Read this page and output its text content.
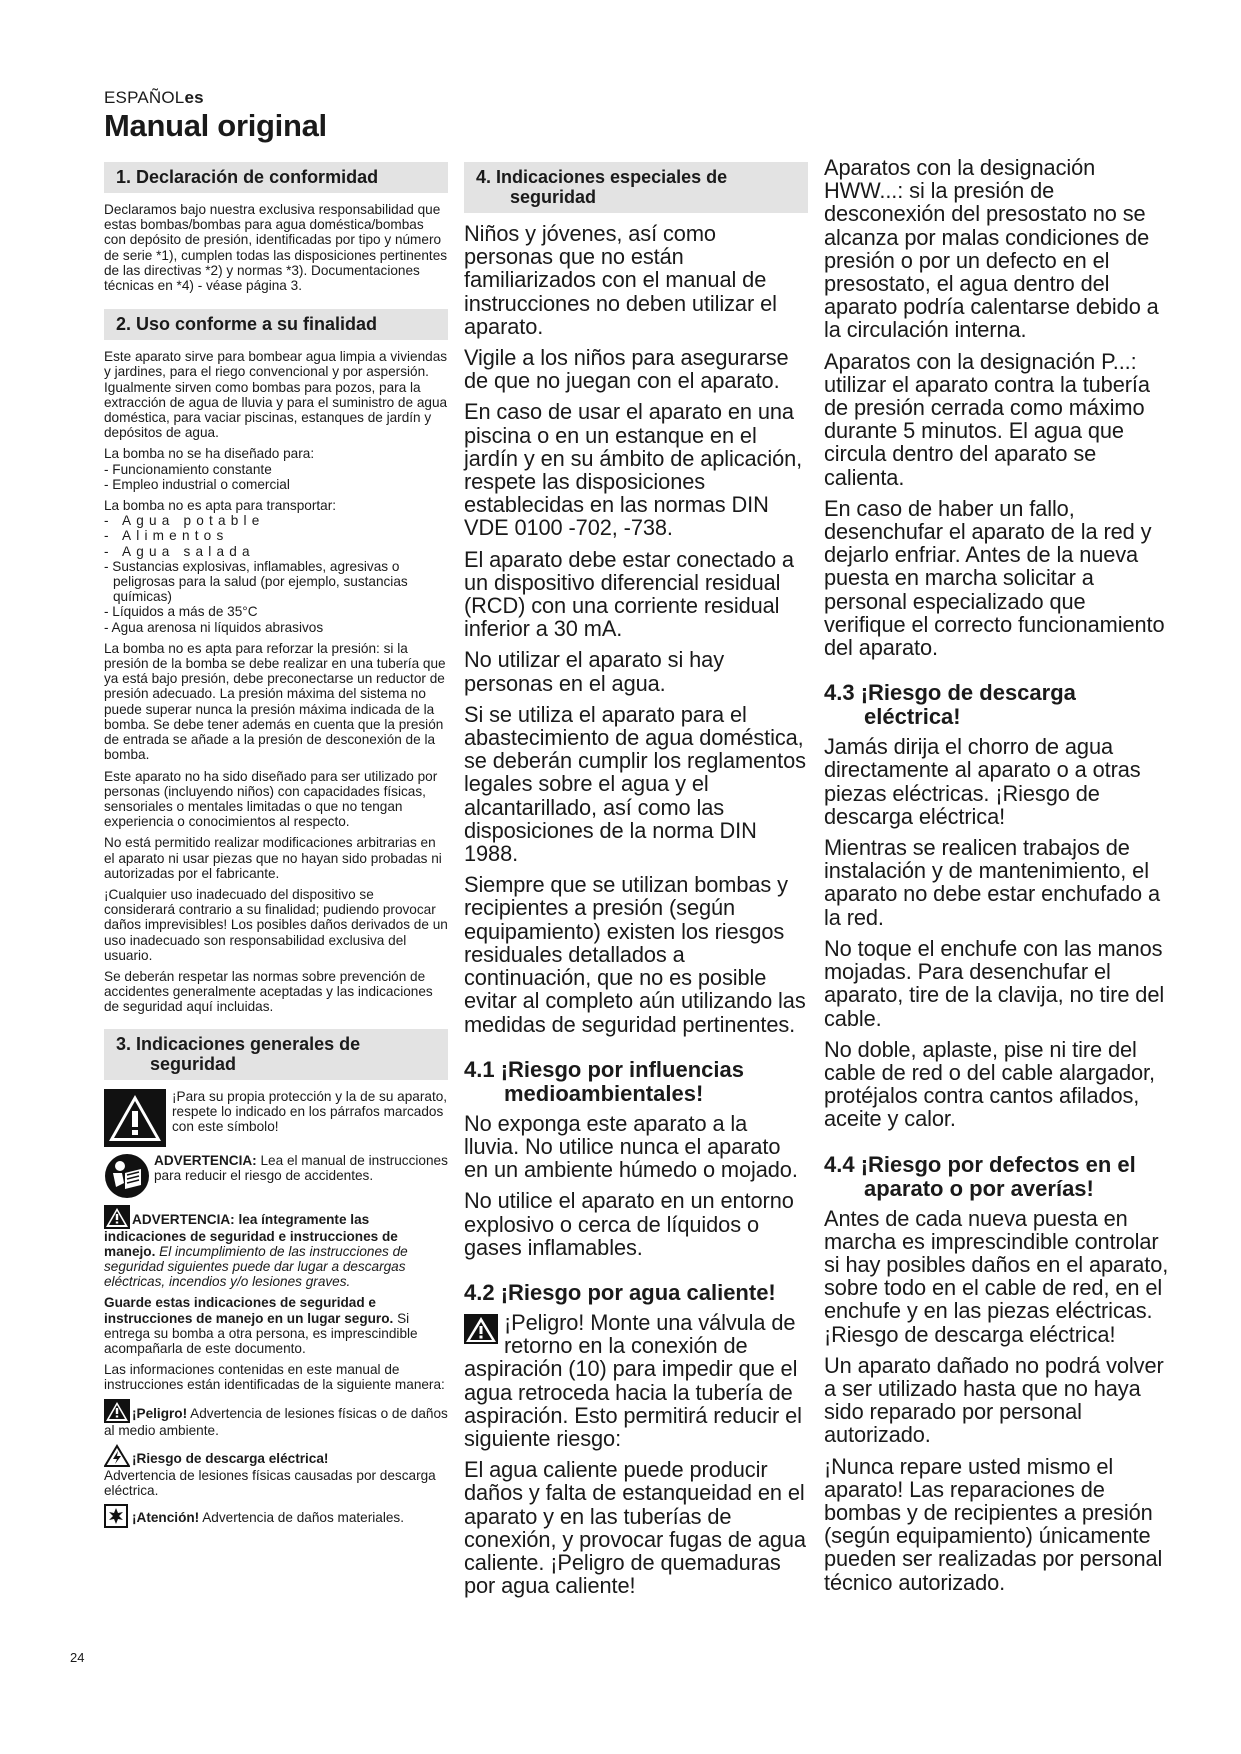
ESPAÑOLes
Manual original
1. Declaración de conformidad

Declaramos bajo nuestra exclusiva responsabilidad que estas bombas/bombas para agua doméstica/bombas con depósito de presión, identificadas por tipo y número de serie *1), cumplen todas las disposiciones pertinentes de las directivas *2) y normas *3). Documentaciones técnicas en *4) - véase página 3.

2. Uso conforme a su finalidad

Este aparato sirve para bombear agua limpia a viviendas y jardines, para el riego convencional y por aspersión. Igualmente sirven como bombas para pozos, para la extracción de agua de lluvia y para el suministro de agua doméstica, para vaciar piscinas, estanques de jardín y depósitos de agua.

La bomba no se ha diseñado para:
- Funcionamiento constante
- Empleo industrial o comercial

La bomba no es apta para transportar:
- Agua potable
- Alimentos
- Agua salada
- Sustancias explosivas, inflamables, agresivas o
peligrosas para la salud (por ejemplo, sustancias químicas)
- Líquidos a más de 35°C
- Agua arenosa ni líquidos abrasivos

La bomba no es apta para reforzar la presión: si la presión de la bomba se debe realizar en una tubería que ya está bajo presión, debe preconectarse un reductor de presión adecuado. La presión máxima del sistema no puede superar nunca la presión máxima indicada de la bomba. Se debe tener además en cuenta que la presión de entrada se añade a la presión de desconexión de la bomba.

Este aparato no ha sido diseñado para ser utilizado por personas (incluyendo niños) con capacidades físicas, sensoriales o mentales limitadas o que no tengan experiencia o conocimientos al respecto.

No está permitido realizar modificaciones arbitrarias en el aparato ni usar piezas que no hayan sido probadas ni autorizadas por el fabricante.

¡Cualquier uso inadecuado del dispositivo se considerará contrario a su finalidad; pudiendo provocar daños imprevisibles! Los posibles daños derivados de un uso inadecuado son responsabilidad exclusiva del usuario.

Se deberán respetar las normas sobre prevención de accidentes generalmente aceptadas y las indicaciones de seguridad aquí incluidas.

3. Indicaciones generales de
seguridad
¡Para su propia protección y la de su aparato, respete lo indicado en los párrafos marcados con este símbolo!
ADVERTENCIA: Lea el manual de instrucciones para reducir el riesgo de accidentes.

ADVERTENCIA: lea íntegramente las indicaciones de seguridad e instrucciones de manejo. El incumplimiento de las instrucciones de seguridad siguientes puede dar lugar a descargas eléctricas, incendios y/o lesiones graves.

Guarde estas indicaciones de seguridad e instrucciones de manejo en un lugar seguro. Si entrega su bomba a otra persona, es imprescindible acompañarla de este documento.

Las informaciones contenidas en este manual de instrucciones están identificadas de la siguiente manera:

¡Peligro! Advertencia de lesiones físicas o de daños al medio ambiente.

¡Riesgo de descarga eléctrica!
Advertencia de lesiones físicas causadas por descarga eléctrica.

¡Atención! Advertencia de daños materiales.

4. Indicaciones especiales de
seguridad

Niños y jóvenes, así como personas que no están familiarizados con el manual de instrucciones no deben utilizar el aparato.

Vigile a los niños para asegurarse de que no juegan con el aparato.

En caso de usar el aparato en una piscina o en un estanque en el jardín y en su ámbito de aplicación, respete las disposiciones establecidas en las normas DIN VDE 0100 -702, -738.

El aparato debe estar conectado a un dispositivo diferencial residual (RCD) con una corriente residual inferior a 30 mA.

No utilizar el aparato si hay personas en el agua.

Si se utiliza el aparato para el abastecimiento de agua doméstica, se deberán cumplir los reglamentos legales sobre el agua y el alcantarillado, así como las disposiciones de la norma DIN 1988.

Siempre que se utilizan bombas y recipientes a presión (según equipamiento) existen los riesgos residuales detallados a continuación, que no es posible evitar al completo aún utilizando las medidas de seguridad pertinentes.

4.1 ¡Riesgo por influencias
medioambientales!

No exponga este aparato a la lluvia. No utilice nunca el aparato en un ambiente húmedo o mojado.

No utilice el aparato en un entorno explosivo o cerca de líquidos o gases inflamables.

4.2 ¡Riesgo por agua caliente!

¡Peligro! Monte una válvula de retorno en la conexión de aspiración (10) para impedir que el agua retroceda hacia la tubería de aspiración. Esto permitirá reducir el siguiente riesgo:

El agua caliente puede producir daños y falta de estanqueidad en el aparato y en las tuberías de conexión, y provocar fugas de agua caliente. ¡Peligro de quemaduras por agua caliente!

Aparatos con la designación HWW...: si la presión de desconexión del presostato no se alcanza por malas condiciones de presión o por un defecto en el presostato, el agua dentro del aparato podría calentarse debido a la circulación interna.

Aparatos con la designación P...: utilizar el aparato contra la tubería de presión cerrada como máximo durante 5 minutos. El agua que circula dentro del aparato se calienta.

En caso de haber un fallo, desenchufar el aparato de la red y dejarlo enfriar. Antes de la nueva puesta en marcha solicitar a personal especializado que verifique el correcto funcionamiento del aparato.

4.3 ¡Riesgo de descarga
eléctrica!

Jamás dirija el chorro de agua directamente al aparato o a otras piezas eléctricas. ¡Riesgo de descarga eléctrica!

Mientras se realicen trabajos de instalación y de mantenimiento, el aparato no debe estar enchufado a la red.

No toque el enchufe con las manos mojadas. Para desenchufar el aparato, tire de la clavija, no tire del cable.

No doble, aplaste, pise ni tire del cable de red o del cable alargador, protéjalos contra cantos afilados, aceite y calor.

4.4 ¡Riesgo por defectos en el
aparato o por averías!

Antes de cada nueva puesta en marcha es imprescindible controlar si hay posibles daños en el aparato, sobre todo en el cable de red, en el enchufe y en las piezas eléctricas. ¡Riesgo de descarga eléctrica!

Un aparato dañado no podrá volver a ser utilizado hasta que no haya sido reparado por personal autorizado.

¡Nunca repare usted mismo el aparato! Las reparaciones de bombas y de recipientes a presión (según equipamiento) únicamente pueden ser realizadas por personal técnico autorizado.

24
